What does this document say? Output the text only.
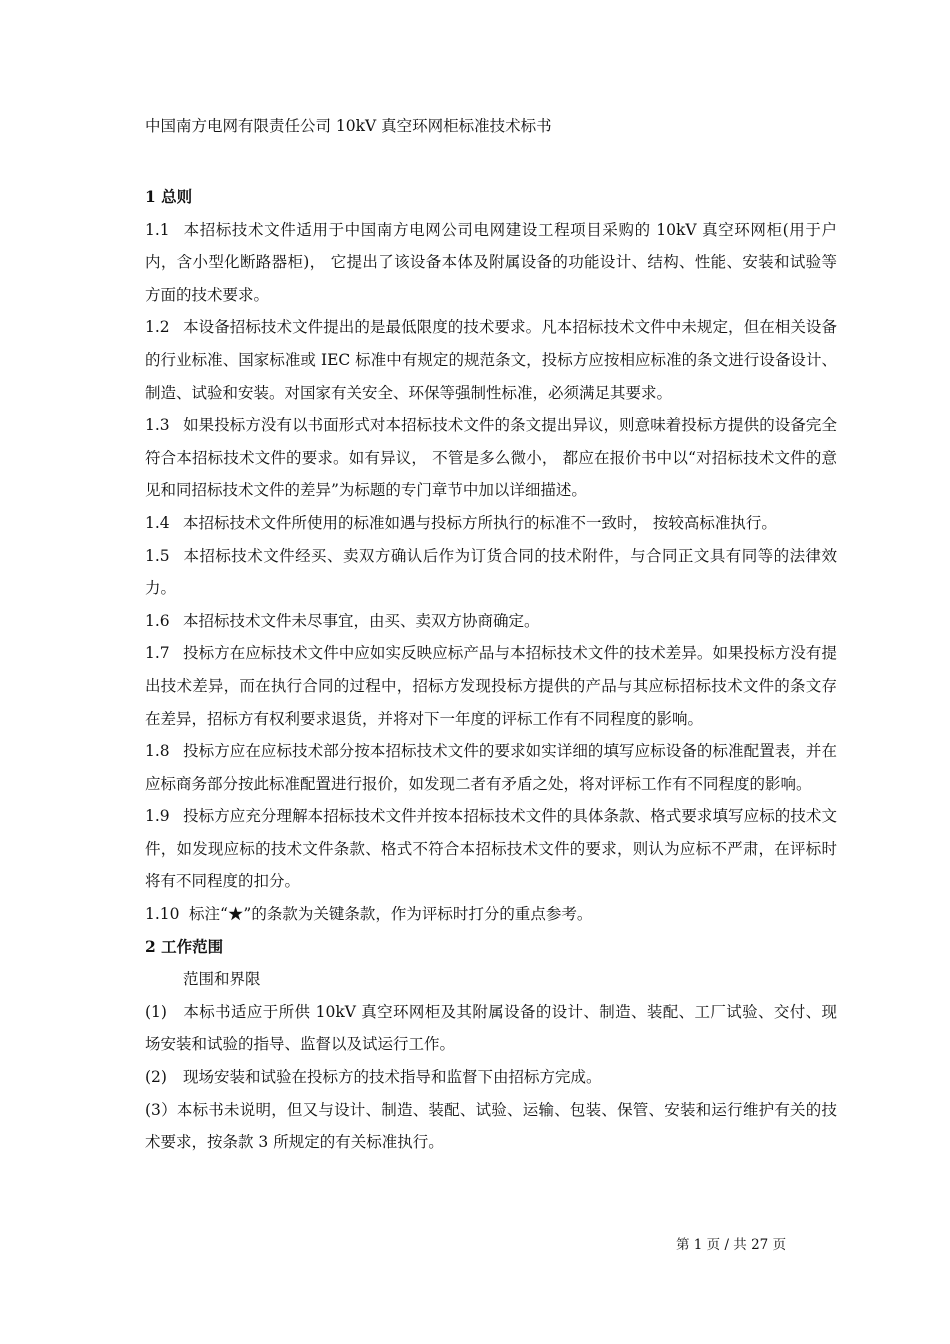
中国南方电网有限责任公司 10kV 真空环网柜标准技术标书

1 总则

1.1 本招标技术文件适用于中国南方电网公司电网建设工程项目采购的 10kV 真空环网柜(用于户内，含小型化断路器柜)， 它提出了该设备本体及附属设备的功能设计、结构、性能、安装和试验等方面的技术要求。

1.2 本设备招标技术文件提出的是最低限度的技术要求。凡本招标技术文件中未规定，但在相关设备的行业标准、国家标准或 IEC 标准中有规定的规范条文，投标方应按相应标准的条文进行设备设计、制造、试验和安装。对国家有关安全、环保等强制性标准，必须满足其要求。

1.3 如果投标方没有以书面形式对本招标技术文件的条文提出异议，则意味着投标方提供的设备完全符合本招标技术文件的要求。如有异议， 不管是多么微小， 都应在报价书中以“对招标技术文件的意见和同招标技术文件的差异”为标题的专门章节中加以详细描述。

1.4 本招标技术文件所使用的标准如遇与投标方所执行的标准不一致时， 按较高标准执行。

1.5 本招标技术文件经买、卖双方确认后作为订货合同的技术附件，与合同正文具有同等的法律效力。

1.6 本招标技术文件未尽事宜，由买、卖双方协商确定。

1.7 投标方在应标技术文件中应如实反映应标产品与本招标技术文件的技术差异。如果投标方没有提出技术差异，而在执行合同的过程中，招标方发现投标方提供的产品与其应标招标技术文件的条文存在差异，招标方有权利要求退货，并将对下一年度的评标工作有不同程度的影响。

1.8 投标方应在应标技术部分按本招标技术文件的要求如实详细的填写应标设备的标准配置表，并在应标商务部分按此标准配置进行报价，如发现二者有矛盾之处，将对评标工作有不同程度的影响。

1.9 投标方应充分理解本招标技术文件并按本招标技术文件的具体条款、格式要求填写应标的技术文件，如发现应标的技术文件条款、格式不符合本招标技术文件的要求，则认为应标不严肃，在评标时将有不同程度的扣分。

1.10 标注“★”的条款为关键条款，作为评标时打分的重点参考。

2 工作范围

范围和界限

(1) 本标书适应于所供 10kV 真空环网柜及其附属设备的设计、制造、装配、工厂试验、交付、现场安装和试验的指导、监督以及试运行工作。

(2) 现场安装和试验在投标方的技术指导和监督下由招标方完成。

(3）本标书未说明，但又与设计、制造、装配、试验、运输、包装、保管、安装和运行维护有关的技术要求，按条款 3 所规定的有关标准执行。

第 1 页 / 共 27 页
